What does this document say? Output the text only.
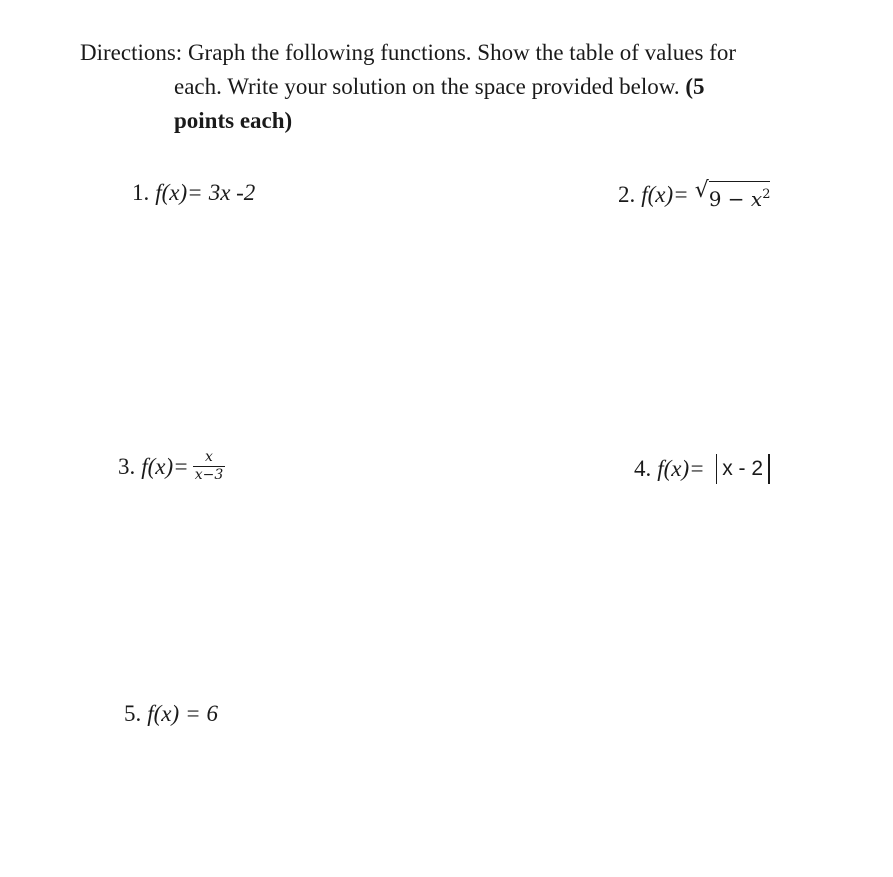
Directions: Graph the following functions. Show the table of values for
each. Write your solution on the space provided below. (5
points each)
1. f(x)= 3x -2	2. f(x)= √ $9 - x^2$
3. $f(x)= \frac{x}{x-3}$	4. f(x)= x - 2
5. f(x) = 6
